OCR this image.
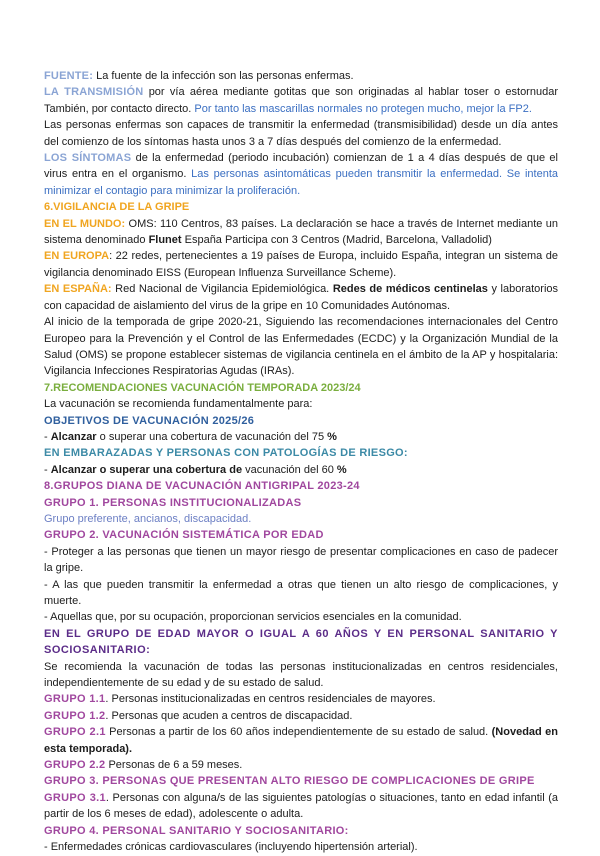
FUENTE: La fuente de la infección son las personas enfermas.

LA TRANSMISIÓN por vía aérea mediante gotitas que son originadas al hablar toser o estornudar También, por contacto directo. Por tanto las mascarillas normales no protegen mucho, mejor la FP2.

Las personas enfermas son capaces de transmitir la enfermedad (transmisibilidad) desde un día antes del comienzo de los síntomas hasta unos 3 a 7 días después del comienzo de la enfermedad.

LOS SÍNTOMAS de la enfermedad (periodo incubación) comienzan de 1 a 4 días después de que el virus entra en el organismo. Las personas asintomáticas pueden transmitir la enfermedad. Se intenta minimizar el contagio para minimizar la proliferación.

6.VIGILANCIA DE LA GRIPE

EN EL MUNDO: OMS: 110 Centros, 83 países. La declaración se hace a través de Internet mediante un sistema denominado Flunet España Participa con 3 Centros (Madrid, Barcelona, Valladolid)

EN EUROPA: 22 redes, pertenecientes a 19 países de Europa, incluido España, integran un sistema de vigilancia denominado EISS (European Influenza Surveillance Scheme).

EN ESPAÑA: Red Nacional de Vigilancia Epidemiológica. Redes de médicos centinelas y laboratorios con capacidad de aislamiento del virus de la gripe en 10 Comunidades Autónomas.

Al inicio de la temporada de gripe 2020-21, Siguiendo las recomendaciones internacionales del Centro Europeo para la Prevención y el Control de las Enfermedades (ECDC) y la Organización Mundial de la Salud (OMS) se propone establecer sistemas de vigilancia centinela en el ámbito de la AP y hospitalaria: Vigilancia Infecciones Respiratorias Agudas (IRAs).

7.RECOMENDACIONES VACUNACIÓN TEMPORADA 2023/24

La vacunación se recomienda fundamentalmente para:

OBJETIVOS DE VACUNACIÓN 2025/26

- Alcanzar o superar una cobertura de vacunación del 75 %

EN EMBARAZADAS Y PERSONAS CON PATOLOGÍAS DE RIESGO:

- Alcanzar o superar una cobertura de vacunación del 60 %

8.GRUPOS DIANA DE VACUNACIÓN ANTIGRIPAL 2023-24

GRUPO 1. PERSONAS INSTITUCIONALIZADAS

Grupo preferente, ancianos, discapacidad.

GRUPO 2. VACUNACIÓN SISTEMÁTICA POR EDAD

- Proteger a las personas que tienen un mayor riesgo de presentar complicaciones en caso de padecer la gripe.

- A las que pueden transmitir la enfermedad a otras que tienen un alto riesgo de complicaciones, y muerte.

- Aquellas que, por su ocupación, proporcionan servicios esenciales en la comunidad.

EN EL GRUPO DE EDAD MAYOR O IGUAL A 60 AÑOS Y EN PERSONAL SANITARIO Y SOCIOSANITARIO:

Se recomienda la vacunación de todas las personas institucionalizadas en centros residenciales, independientemente de su edad y de su estado de salud.

GRUPO 1.1. Personas institucionalizadas en centros residenciales de mayores.

GRUPO 1.2. Personas que acuden a centros de discapacidad.

GRUPO 2.1 Personas a partir de los 60 años independientemente de su estado de salud. (Novedad en esta temporada).

GRUPO 2.2 Personas de 6 a 59 meses.

GRUPO 3. PERSONAS QUE PRESENTAN ALTO RIESGO DE COMPLICACIONES DE GRIPE

GRUPO 3.1. Personas con alguna/s de las siguientes patologías o situaciones, tanto en edad infantil (a partir de los 6 meses de edad), adolescente o adulta.

GRUPO 4. PERSONAL SANITARIO Y SOCIOSANITARIO:

- Enfermedades crónicas cardiovasculares (incluyendo hipertensión arterial).
